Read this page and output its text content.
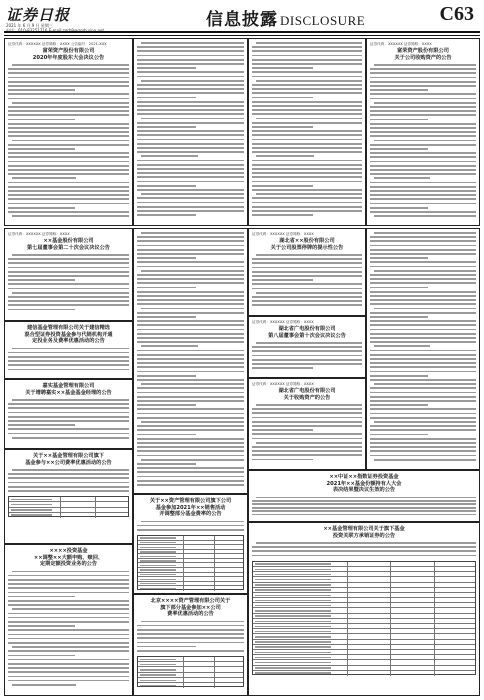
证券日报
2021 年 6 月 9 日 星期三	信息披露 DISCLOSURE	C63
证券代码：XXXXXX 证券简称：XXXX 公告编号：2021-XXX
富荣资产股份有限公司
2020年年度股东大会决议公告
证券代码：XXXXXX 证券简称：XXXX
富荣资产股份有限公司
关于公司收购资产的公告
证券代码：XXXXXX 证券简称：XXXX
××基金股份有限公司
第七届董事会第二十次会议决议公告
建信基金管理有限公司关于建信精选
混合型证券投资基金参与代销机构开通
定投业务及费率优惠活动的公告
嘉实基金管理有限公司
关于增聘嘉实××基金基金经理的公告
关于××基金管理有限公司旗下
基金参与××公司费率优惠活动的公告
××××投资基金
××调整××大额申购、赎回、
定期定额投资业务的公告
关于××资产管理有限公司旗下公司
基金参加2021年××销售活动
并调整部分基金费率的公告
北京××××资产管理有限公司关于
旗下部分基金参加××公司
费率优惠活动的公告
证券代码：XXXXXX 证券简称：XXXX
湖北省××股份有限公司
关于公司股票停牌的提示性公告
证券代码：XXXXXX 证券简称：XXXX
湖北省广电股份有限公司
第八届董事会第十次会议决议公告
证券代码：XXXXXX 证券简称：XXXX
湖北省广电股份有限公司
关于收购资产的公告
××中证××指数证券投资基金
2021年××基金份额持有人大会
表决结果暨决议生效的公告
××基金管理有限公司关于旗下基金
投资关联方承销证券的公告
